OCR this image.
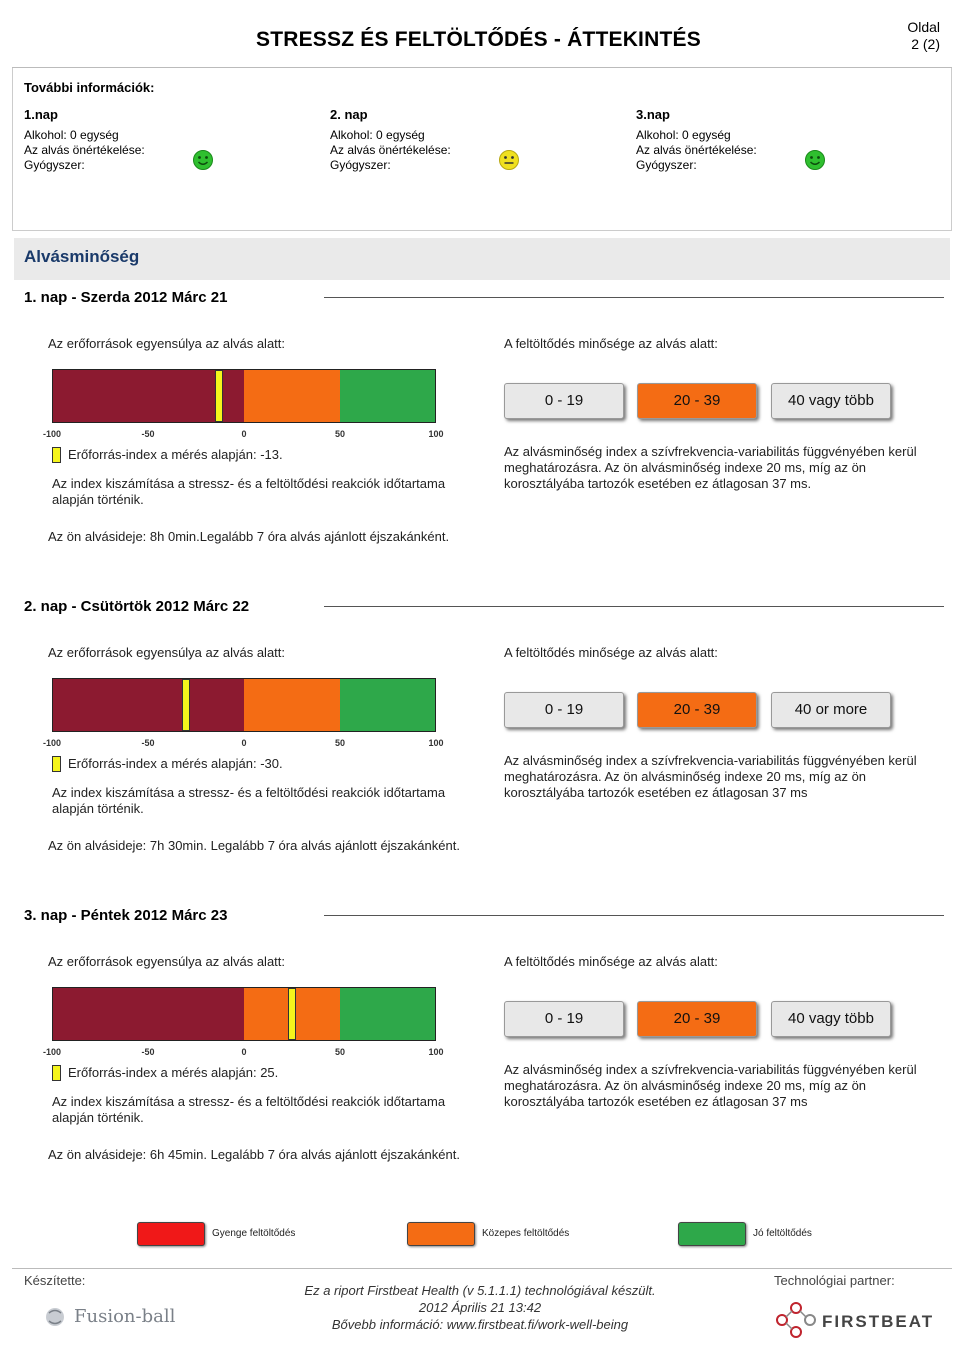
STRESSZ ÉS FELTÖLTŐDÉS - ÁTTEKINTÉS
Oldal
2 (2)
További információk:
1.nap
Alkohol: 0 egység
Az alvás önértékelése:
Gyógyszer:
2. nap
Alkohol: 0 egység
Az alvás önértékelése:
Gyógyszer:
3.nap
Alkohol: 0 egység
Az alvás önértékelése:
Gyógyszer:
Alvásminőség
1. nap - Szerda 2012 Márc 21
Az erőforrások egyensúlya az alvás alatt:	A feltöltődés minősége az alvás alatt:
-100	-50	0	50	100
Erőforrás-index a mérés alapján: -13.
Az index kiszámítása a stressz- és a feltöltődési reakciók időtartama alapján történik.
Az ön alvásideje: 8h 0min.Legalább 7 óra alvás ajánlott éjszakánként.
0 - 19	20 - 39	40 vagy több
Az alvásminőség index a szívfrekvencia-variabilitás függvényében kerül meghatározásra. Az ön alvásminőség indexe 20 ms, míg az ön korosztályába tartozók esetében ez átlagosan 37 ms.
2. nap - Csütörtök 2012 Márc 22
Az erőforrások egyensúlya az alvás alatt:	A feltöltődés minősége az alvás alatt:
-100	-50	0	50	100
Erőforrás-index a mérés alapján: -30.
Az index kiszámítása a stressz- és a feltöltődési reakciók időtartama alapján történik.
Az ön alvásideje: 7h 30min. Legalább 7 óra alvás ajánlott éjszakánként.
0 - 19	20 - 39	40 or more
Az alvásminőség index a szívfrekvencia-variabilitás függvényében kerül meghatározásra. Az ön alvásminőség indexe 20 ms, míg az ön korosztályába tartozók esetében ez átlagosan 37 ms
3. nap - Péntek 2012 Márc 23
Az erőforrások egyensúlya az alvás alatt:	A feltöltődés minősége az alvás alatt:
-100	-50	0	50	100
Erőforrás-index a mérés alapján: 25.
Az index kiszámítása a stressz- és a feltöltődési reakciók időtartama alapján történik.
Az ön alvásideje: 6h 45min. Legalább 7 óra alvás ajánlott éjszakánként.
0 - 19	20 - 39	40 vagy több
Az alvásminőség index a szívfrekvencia-variabilitás függvényében kerül meghatározásra. Az ön alvásminőség indexe 20 ms, míg az ön korosztályába tartozók esetében ez átlagosan 37 ms
Gyenge feltöltődés	Közepes feltöltődés	Jó feltöltődés
Készítette:
Fusion-ball
Ez a riport Firstbeat Health (v 5.1.1.1) technológiával készült.
2012 Április 21 13:42
Bővebb információ: www.firstbeat.fi/work-well-being
Technológiai partner:
FIRSTBEAT
